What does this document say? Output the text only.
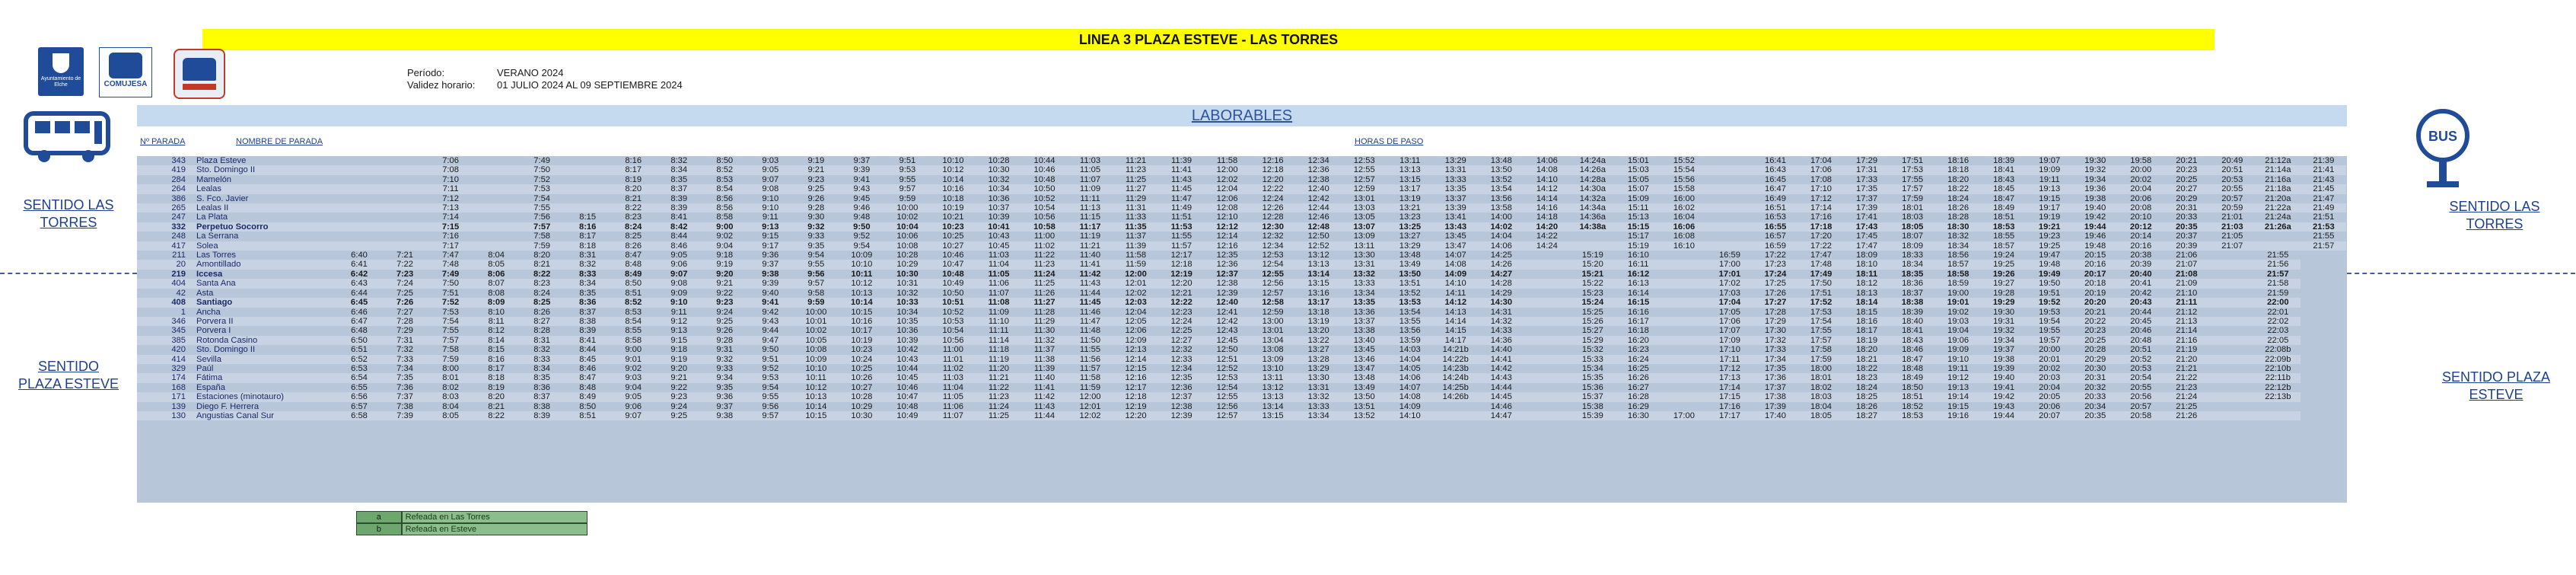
LINEA 3 PLAZA ESTEVE - LAS TORRES
Ayuntamiento de Elche	COMUJESA
Período:	VERANO 2024
Validez horario: 01 JULIO 2024 AL 09 SEPTIEMBRE 2024
BUS
SENTIDO LAS TORRES
SENTIDO PLAZA ESTEVE
SENTIDO LAS TORRES
SENTIDO PLAZA ESTEVE
LABORABLES
Nº PARADA	NOMBRE DE PARADA	HORAS DE PASO
343	Plaza Esteve			7:06		7:49		8:16	8:32	8:50	9:03	9:19	9:37	9:51	10:10	10:28	10:44	11:03	11:21	11:39	11:58	12:16	12:34	12:53	13:11	13:29	13:48	14:06	14:24a	15:01	15:52		16:41	17:04	17:29	17:51	18:16	18:39	19:07	19:30	19:58	20:21	20:49	21:12a	21:39
419	Sto. Domingo II			7:08		7:50		8:17	8:34	8:52	9:05	9:21	9:39	9:53	10:12	10:30	10:46	11:05	11:23	11:41	12:00	12:18	12:36	12:55	13:13	13:31	13:50	14:08	14:26a	15:03	15:54		16:43	17:06	17:31	17:53	18:18	18:41	19:09	19:32	20:00	20:23	20:51	21:14a	21:41
284	Mamelón			7:10		7:52		8:19	8:35	8:53	9:07	9:23	9:41	9:55	10:14	10:32	10:48	11:07	11:25	11:43	12:02	12:20	12:38	12:57	13:15	13:33	13:52	14:10	14:28a	15:05	15:56		16:45	17:08	17:33	17:55	18:20	18:43	19:11	19:34	20:02	20:25	20:53	21:16a	21:43
264	Lealas			7:11		7:53		8:20	8:37	8:54	9:08	9:25	9:43	9:57	10:16	10:34	10:50	11:09	11:27	11:45	12:04	12:22	12:40	12:59	13:17	13:35	13:54	14:12	14:30a	15:07	15:58		16:47	17:10	17:35	17:57	18:22	18:45	19:13	19:36	20:04	20:27	20:55	21:18a	21:45
386	S. Fco. Javier			7:12		7:54		8:21	8:39	8:56	9:10	9:26	9:45	9:59	10:18	10:36	10:52	11:11	11:29	11:47	12:06	12:24	12:42	13:01	13:19	13:37	13:56	14:14	14:32a	15:09	16:00		16:49	17:12	17:37	17:59	18:24	18:47	19:15	19:38	20:06	20:29	20:57	21:20a	21:47
265	Lealas II			7:13		7:55		8:22	8:39	8:56	9:10	9:28	9:46	10:00	10:19	10:37	10:54	11:13	11:31	11:49	12:08	12:26	12:44	13:03	13:21	13:39	13:58	14:16	14:34a	15:11	16:02		16:51	17:14	17:39	18:01	18:26	18:49	19:17	19:40	20:08	20:31	20:59	21:22a	21:49
247	La Plata			7:14		7:56	8:15	8:23	8:41	8:58	9:11	9:30	9:48	10:02	10:21	10:39	10:56	11:15	11:33	11:51	12:10	12:28	12:46	13:05	13:23	13:41	14:00	14:18	14:36a	15:13	16:04		16:53	17:16	17:41	18:03	18:28	18:51	19:19	19:42	20:10	20:33	21:01	21:24a	21:51
332	Perpetuo Socorro			7:15		7:57	8:16	8:24	8:42	9:00	9:13	9:32	9:50	10:04	10:23	10:41	10:58	11:17	11:35	11:53	12:12	12:30	12:48	13:07	13:25	13:43	14:02	14:20	14:38a	15:15	16:06		16:55	17:18	17:43	18:05	18:30	18:53	19:21	19:44	20:12	20:35	21:03	21:26a	21:53
248	La Serrana			7:16		7:58	8:17	8:25	8:44	9:02	9:15	9:33	9:52	10:06	10:25	10:43	11:00	11:19	11:37	11:55	12:14	12:32	12:50	13:09	13:27	13:45	14:04	14:22		15:17	16:08		16:57	17:20	17:45	18:07	18:32	18:55	19:23	19:46	20:14	20:37	21:05		21:55
417	Solea			7:17		7:59	8:18	8:26	8:46	9:04	9:17	9:35	9:54	10:08	10:27	10:45	11:02	11:21	11:39	11:57	12:16	12:34	12:52	13:11	13:29	13:47	14:06	14:24		15:19	16:10		16:59	17:22	17:47	18:09	18:34	18:57	19:25	19:48	20:16	20:39	21:07		21:57
211	Las Torres	6:40	7:21	7:47	8:04	8:20	8:31	8:47	9:05	9:18	9:36	9:54	10:09	10:28	10:46	11:03	11:22	11:40	11:58	12:17	12:35	12:53	13:12	13:30	13:48	14:07	14:25		15:19	16:10		16:59	17:22	17:47	18:09	18:33	18:56	19:24	19:47	20:15	20:38	21:06		21:55	
20	Amontillado	6:41	7:22	7:48	8:05	8:21	8:32	8:48	9:06	9:19	9:37	9:55	10:10	10:29	10:47	11:04	11:23	11:41	11:59	12:18	12:36	12:54	13:13	13:31	13:49	14:08	14:26		15:20	16:11		17:00	17:23	17:48	18:10	18:34	18:57	19:25	19:48	20:16	20:39	21:07		21:56	
219	Iccesa	6:42	7:23	7:49	8:06	8:22	8:33	8:49	9:07	9:20	9:38	9:56	10:11	10:30	10:48	11:05	11:24	11:42	12:00	12:19	12:37	12:55	13:14	13:32	13:50	14:09	14:27		15:21	16:12		17:01	17:24	17:49	18:11	18:35	18:58	19:26	19:49	20:17	20:40	21:08		21:57	
404	Santa Ana	6:43	7:24	7:50	8:07	8:23	8:34	8:50	9:08	9:21	9:39	9:57	10:12	10:31	10:49	11:06	11:25	11:43	12:01	12:20	12:38	12:56	13:15	13:33	13:51	14:10	14:28		15:22	16:13		17:02	17:25	17:50	18:12	18:36	18:59	19:27	19:50	20:18	20:41	21:09		21:58	
42	Asta	6:44	7:25	7:51	8:08	8:24	8:35	8:51	9:09	9:22	9:40	9:58	10:13	10:32	10:50	11:07	11:26	11:44	12:02	12:21	12:39	12:57	13:16	13:34	13:52	14:11	14:29		15:23	16:14		17:03	17:26	17:51	18:13	18:37	19:00	19:28	19:51	20:19	20:42	21:10		21:59	
408	Santiago	6:45	7:26	7:52	8:09	8:25	8:36	8:52	9:10	9:23	9:41	9:59	10:14	10:33	10:51	11:08	11:27	11:45	12:03	12:22	12:40	12:58	13:17	13:35	13:53	14:12	14:30		15:24	16:15		17:04	17:27	17:52	18:14	18:38	19:01	19:29	19:52	20:20	20:43	21:11		22:00	
1	Ancha	6:46	7:27	7:53	8:10	8:26	8:37	8:53	9:11	9:24	9:42	10:00	10:15	10:34	10:52	11:09	11:28	11:46	12:04	12:23	12:41	12:59	13:18	13:36	13:54	14:13	14:31		15:25	16:16		17:05	17:28	17:53	18:15	18:39	19:02	19:30	19:53	20:21	20:44	21:12		22:01	
346	Porvera II	6:47	7:28	7:54	8:11	8:27	8:38	8:54	9:12	9:25	9:43	10:01	10:16	10:35	10:53	11:10	11:29	11:47	12:05	12:24	12:42	13:00	13:19	13:37	13:55	14:14	14:32		15:26	16:17		17:06	17:29	17:54	18:16	18:40	19:03	19:31	19:54	20:22	20:45	21:13		22:02	
345	Porvera I	6:48	7:29	7:55	8:12	8:28	8:39	8:55	9:13	9:26	9:44	10:02	10:17	10:36	10:54	11:11	11:30	11:48	12:06	12:25	12:43	13:01	13:20	13:38	13:56	14:15	14:33		15:27	16:18		17:07	17:30	17:55	18:17	18:41	19:04	19:32	19:55	20:23	20:46	21:14		22:03	
385	Rotonda Casino	6:50	7:31	7:57	8:14	8:31	8:41	8:58	9:15	9:28	9:47	10:05	10:19	10:39	10:56	11:14	11:32	11:50	12:09	12:27	12:45	13:04	13:22	13:40	13:59	14:17	14:36		15:29	16:20		17:09	17:32	17:57	18:19	18:43	19:06	19:34	19:57	20:25	20:48	21:16		22:05	
420	Sto. Domingo II	6:51	7:32	7:58	8:15	8:32	8:44	9:00	9:18	9:31	9:50	10:08	10:23	10:42	11:00	11:18	11:37	11:55	12:13	12:32	12:50	13:08	13:27	13:45	14:03	14:21b	14:40		15:32	16:23		17:10	17:33	17:58	18:20	18:46	19:09	19:37	20:00	20:28	20:51	21:19		22:08b	
414	Sevilla	6:52	7:33	7:59	8:16	8:33	8:45	9:01	9:19	9:32	9:51	10:09	10:24	10:43	11:01	11:19	11:38	11:56	12:14	12:33	12:51	13:09	13:28	13:46	14:04	14:22b	14:41		15:33	16:24		17:11	17:34	17:59	18:21	18:47	19:10	19:38	20:01	20:29	20:52	21:20		22:09b	
329	Paúl	6:53	7:34	8:00	8:17	8:34	8:46	9:02	9:20	9:33	9:52	10:10	10:25	10:44	11:02	11:20	11:39	11:57	12:15	12:34	12:52	13:10	13:29	13:47	14:05	14:23b	14:42		15:34	16:25		17:12	17:35	18:00	18:22	18:48	19:11	19:39	20:02	20:30	20:53	21:21		22:10b	
174	Fátima	6:54	7:35	8:01	8:18	8:35	8:47	9:03	9:21	9:34	9:53	10:11	10:26	10:45	11:03	11:21	11:40	11:58	12:16	12:35	12:53	13:11	13:30	13:48	14:06	14:24b	14:43		15:35	16:26		17:13	17:36	18:01	18:23	18:49	19:12	19:40	20:03	20:31	20:54	21:22		22:11b	
168	España	6:55	7:36	8:02	8:19	8:36	8:48	9:04	9:22	9:35	9:54	10:12	10:27	10:46	11:04	11:22	11:41	11:59	12:17	12:36	12:54	13:12	13:31	13:49	14:07	14:25b	14:44		15:36	16:27		17:14	17:37	18:02	18:24	18:50	19:13	19:41	20:04	20:32	20:55	21:23		22:12b	
171	Estaciones (minotauro)	6:56	7:37	8:03	8:20	8:37	8:49	9:05	9:23	9:36	9:55	10:13	10:28	10:47	11:05	11:23	11:42	12:00	12:18	12:37	12:55	13:13	13:32	13:50	14:08	14:26b	14:45		15:37	16:28		17:15	17:38	18:03	18:25	18:51	19:14	19:42	20:05	20:33	20:56	21:24		22:13b	
139	Diego F. Herrera	6:57	7:38	8:04	8:21	8:38	8:50	9:06	9:24	9:37	9:56	10:14	10:29	10:48	11:06	11:24	11:43	12:01	12:19	12:38	12:56	13:14	13:33	13:51	14:09		14:46		15:38	16:29		17:16	17:39	18:04	18:26	18:52	19:15	19:43	20:06	20:34	20:57	21:25			
130	Angustias Canal Sur	6:58	7:39	8:05	8:22	8:39	8:51	9:07	9:25	9:38	9:57	10:15	10:30	10:49	11:07	11:25	11:44	12:02	12:20	12:39	12:57	13:15	13:34	13:52	14:10		14:47		15:39	16:30	17:00	17:17	17:40	18:05	18:27	18:53	19:16	19:44	20:07	20:35	20:58	21:26			
a	Refeada en Las Torres
b	Refeada en Esteve
